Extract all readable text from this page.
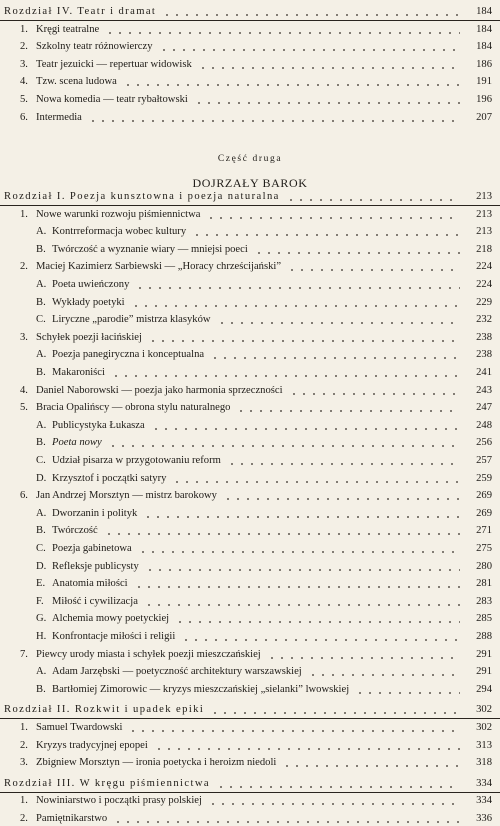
Rozdział IV. Teatr i dramat	184
1. Kręgi teatralne	184
2. Szkolny teatr różnowierczy	184
3. Teatr jezuicki — repertuar widowisk	186
4. Tzw. scena ludowa	191
5. Nowa komedia — teatr rybałtowski	196
6. Intermedia	207
Część druga
DOJRZAŁY BAROK
Rozdział I. Poezja kunsztowna i poezja naturalna	213
1. Nowe warunki rozwoju piśmiennictwa	213
A. Kontrreformacja wobec kultury	213
B. Twórczość a wyznanie wiary — mniejsi poeci	218
2. Maciej Kazimierz Sarbiewski — „Horacy chrześcijański”	224
A. Poeta uwieńczony	224
B. Wykłady poetyki	229
C. Liryczne „parodie” mistrza klasyków	232
3. Schyłek poezji łacińskiej	238
A. Poezja panegiryczna i konceptualna	238
B. Makaroniści	241
4. Daniel Naborowski — poezja jako harmonia sprzeczności	243
5. Bracia Opalińscy — obrona stylu naturalnego	247
A. Publicystyka Łukasza	248
B. Poeta nowy	256
C. Udział pisarza w przygotowaniu reform	257
D. Krzysztof i początki satyry	259
6. Jan Andrzej Morsztyn — mistrz barokowy	269
A. Dworzanin i polityk	269
B. Twórczość	271
C. Poezja gabinetowa	275
D. Refleksje publicysty	280
E. Anatomia miłości	281
F. Miłość i cywilizacja	283
G. Alchemia mowy poetyckiej	285
H. Konfrontacje miłości i religii	288
7. Piewcy urody miasta i schyłek poezji mieszczańskiej	291
A. Adam Jarzębski — poetyczność architektury warszawskiej	291
B. Bartłomiej Zimorowic — kryzys mieszczańskiej „sielanki” lwowskiej	294
Rozdział II. Rozkwit i upadek epiki	302
1. Samuel Twardowski	302
2. Kryzys tradycyjnej epopei	313
3. Zbigniew Morsztyn — ironia poetycka i heroizm niedoli	318
Rozdział III. W kręgu piśmiennictwa	334
1. Nowiniarstwo i początki prasy polskiej	334
2. Pamiętnikarstwo	336
